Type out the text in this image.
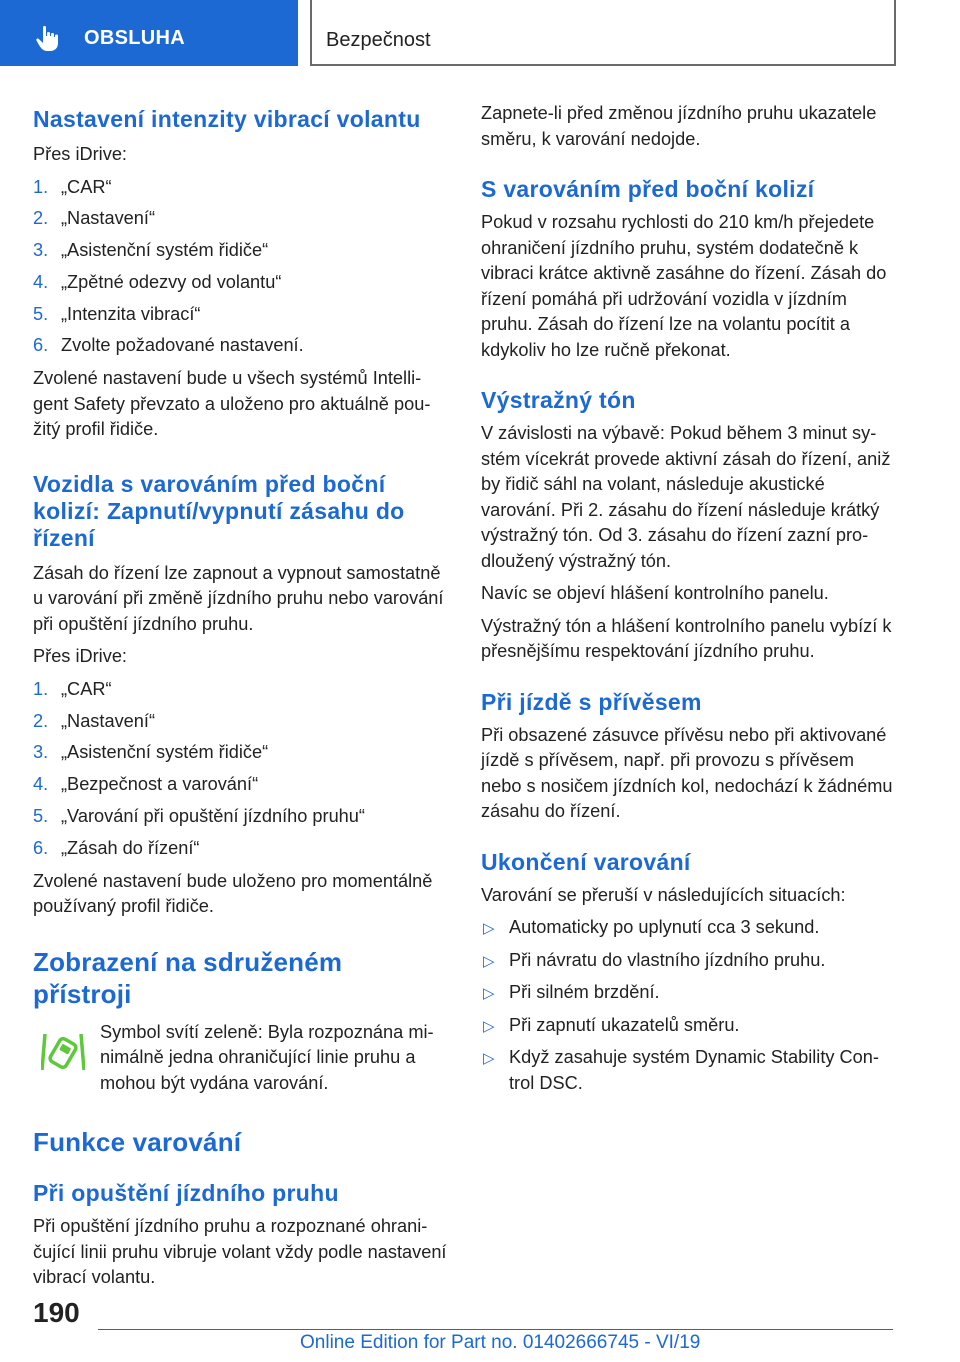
OBSLUHA	Bezpečnost
Nastavení intenzity vibrací volantu

Přes iDrive:

1. „CAR“
2. „Nastavení“
3. „Asistenční systém řidiče“
4. „Zpětné odezvy od volantu“
5. „Intenzita vibrací“
6. Zvolte požadované nastavení.

Zvolené nastavení bude u všech systémů Intelligent Safety převzato a uloženo pro aktuálně použitý profil řidiče.

Vozidla s varováním před boční kolizí: Zapnutí/vypnutí zásahu do řízení

Zásah do řízení lze zapnout a vypnout samostatně u varování při změně jízdního pruhu nebo varování při opuštění jízdního pruhu.

Přes iDrive:

1. „CAR“
2. „Nastavení“
3. „Asistenční systém řidiče“
4. „Bezpečnost a varování“
5. „Varování při opuštění jízdního pruhu“
6. „Zásah do řízení“

Zvolené nastavení bude uloženo pro momentálně používaný profil řidiče.

Zobrazení na sdruženém přístroji

Symbol svítí zeleně: Byla rozpoznána minimálně jedna ohraničující linie pruhu a mohou být vydána varování.

Funkce varování
Při opuštění jízdního pruhu

Při opuštění jízdního pruhu a rozpoznané ohraničující linii pruhu vibruje volant vždy podle nastavení vibrací volantu.

Zapnete-li před změnou jízdního pruhu ukazatele směru, k varování nedojde.

S varováním před boční kolizí

Pokud v rozsahu rychlosti do 210 km/h přejedete ohraničení jízdního pruhu, systém dodatečně k vibraci krátce aktivně zasáhne do řízení. Zásah do řízení pomáhá při udržování vozidla v jízdním pruhu. Zásah do řízení lze na volantu pocítit a kdykoliv ho lze ručně překonat.

Výstražný tón

V závislosti na výbavě: Pokud během 3 minut systém vícekrát provede aktivní zásah do řízení, aniž by řidič sáhl na volant, následuje akustické varování. Při 2. zásahu do řízení následuje krátký výstražný tón. Od 3. zásahu do řízení zazní prodloužený výstražný tón.

Navíc se objeví hlášení kontrolního panelu.

Výstražný tón a hlášení kontrolního panelu vybízí k přesnějšímu respektování jízdního pruhu.

Při jízdě s přívěsem

Při obsazené zásuvce přívěsu nebo při aktivované jízdě s přívěsem, např. při provozu s přívěsem nebo s nosičem jízdních kol, nedochází k žádnému zásahu do řízení.

Ukončení varování

Varování se přeruší v následujících situacích:

▷ Automaticky po uplynutí cca 3 sekund.
▷ Při návratu do vlastního jízdního pruhu.
▷ Při silném brzdění.
▷ Při zapnutí ukazatelů směru.
▷ Když zasahuje systém Dynamic Stability Control DSC.
190
Online Edition for Part no. 01402666745 - VI/19
